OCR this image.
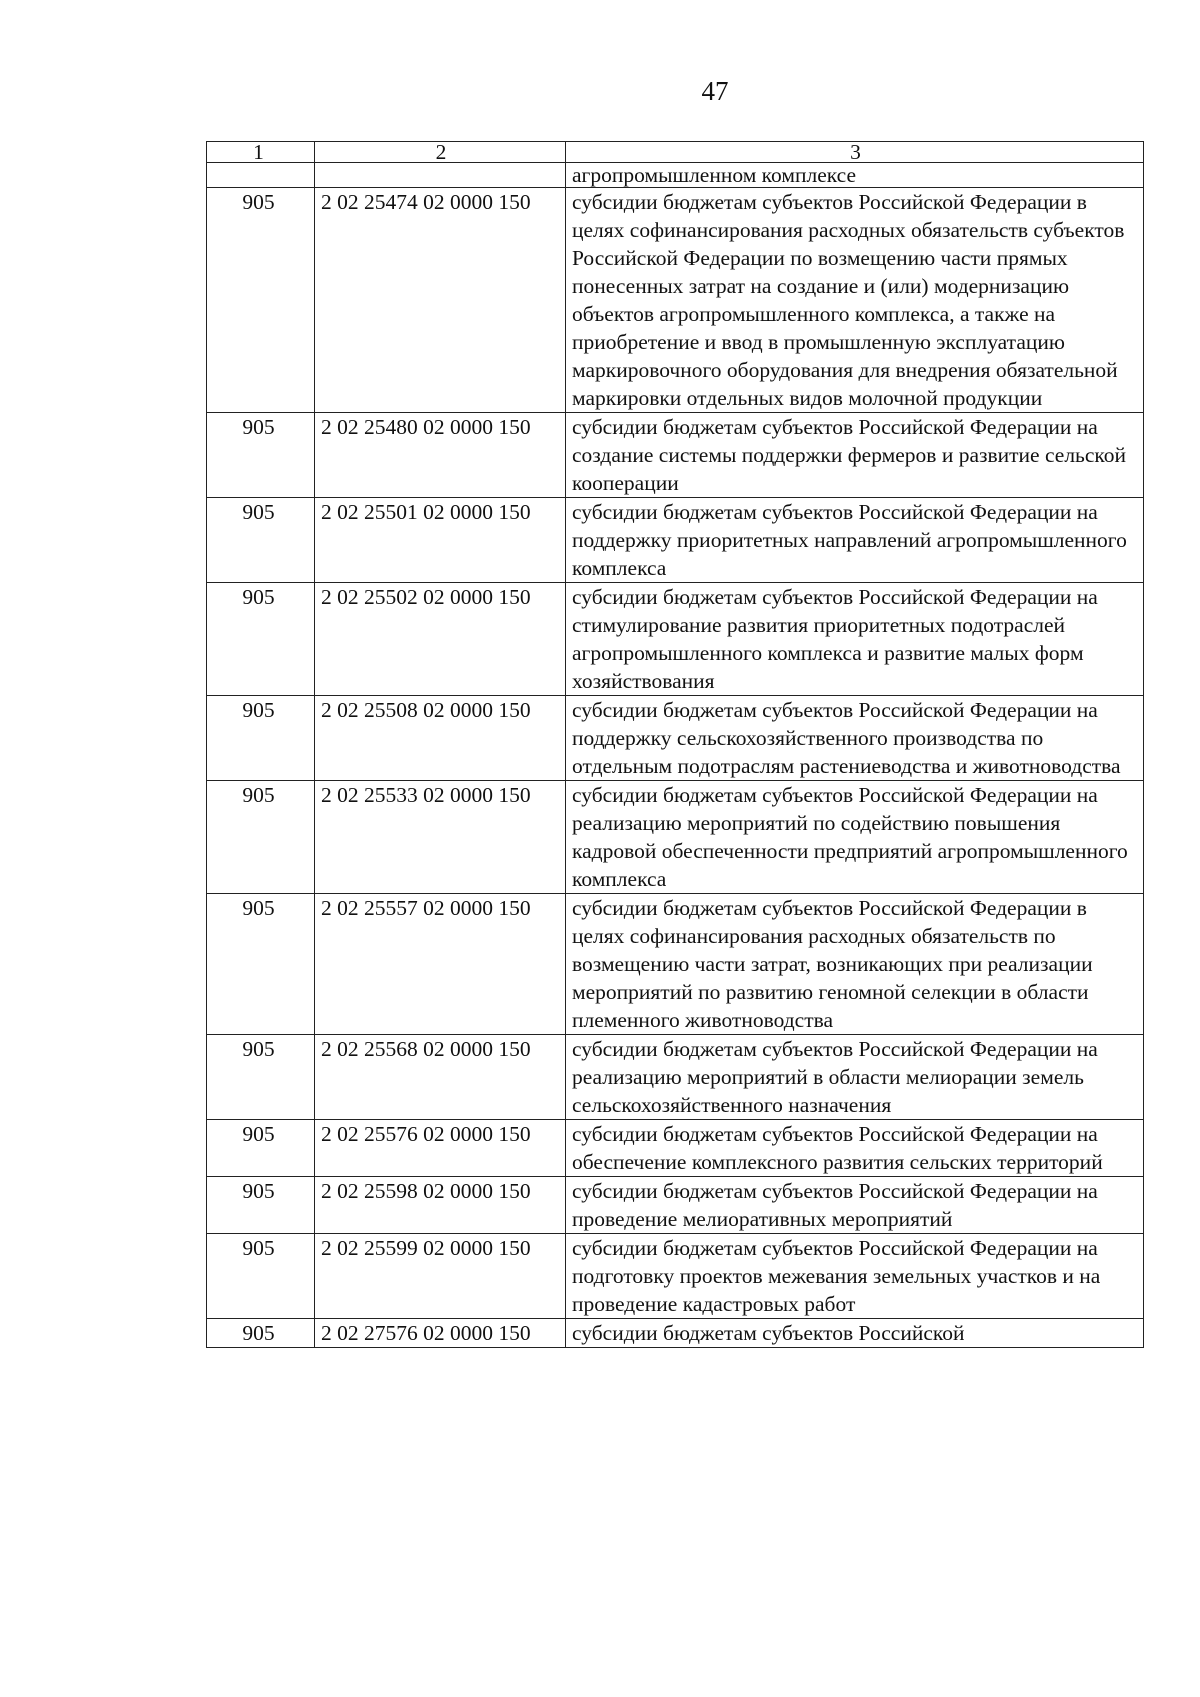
47
1	2	3
		агропромышленном комплексе
905	2 02 25474 02 0000 150	субсидии бюджетам субъектов Российской Федерации в целях софинансирования расходных обязательств субъектов Российской Федерации по возмещению части прямых понесенных затрат на создание и (или) модернизацию объектов агропромышленного комплекса, а также на приобретение и ввод в промышленную эксплуатацию маркировочного оборудования для внедрения обязательной маркировки отдельных видов молочной продукции
905	2 02 25480 02 0000 150	субсидии бюджетам субъектов Российской Федерации на создание системы поддержки фермеров и развитие сельской кооперации
905	2 02 25501 02 0000 150	субсидии бюджетам субъектов Российской Федерации на поддержку приоритетных направлений агропромышленного комплекса
905	2 02 25502 02 0000 150	субсидии бюджетам субъектов Российской Федерации на стимулирование развития приоритетных подотраслей агропромышленного комплекса и развитие малых форм хозяйствования
905	2 02 25508 02 0000 150	субсидии бюджетам субъектов Российской Федерации на поддержку сельскохозяйственного производства по отдельным подотраслям растениеводства и животноводства
905	2 02 25533 02 0000 150	субсидии бюджетам субъектов Российской Федерации на реализацию мероприятий по содействию повышения кадровой обеспеченности предприятий агропромышленного комплекса
905	2 02 25557 02 0000 150	субсидии бюджетам субъектов Российской Федерации в целях софинансирования расходных обязательств по возмещению части затрат, возникающих при реализации мероприятий по развитию геномной селекции в области племенного животноводства
905	2 02 25568 02 0000 150	субсидии бюджетам субъектов Российской Федерации на реализацию мероприятий в области мелиорации земель сельскохозяйственного назначения
905	2 02 25576 02 0000 150	субсидии бюджетам субъектов Российской Федерации на обеспечение комплексного развития сельских территорий
905	2 02 25598 02 0000 150	субсидии бюджетам субъектов Российской Федерации на проведение мелиоративных мероприятий
905	2 02 25599 02 0000 150	субсидии бюджетам субъектов Российской Федерации на подготовку проектов межевания земельных участков и на проведение кадастровых работ
905	2 02 27576 02 0000 150	субсидии бюджетам субъектов Российской
